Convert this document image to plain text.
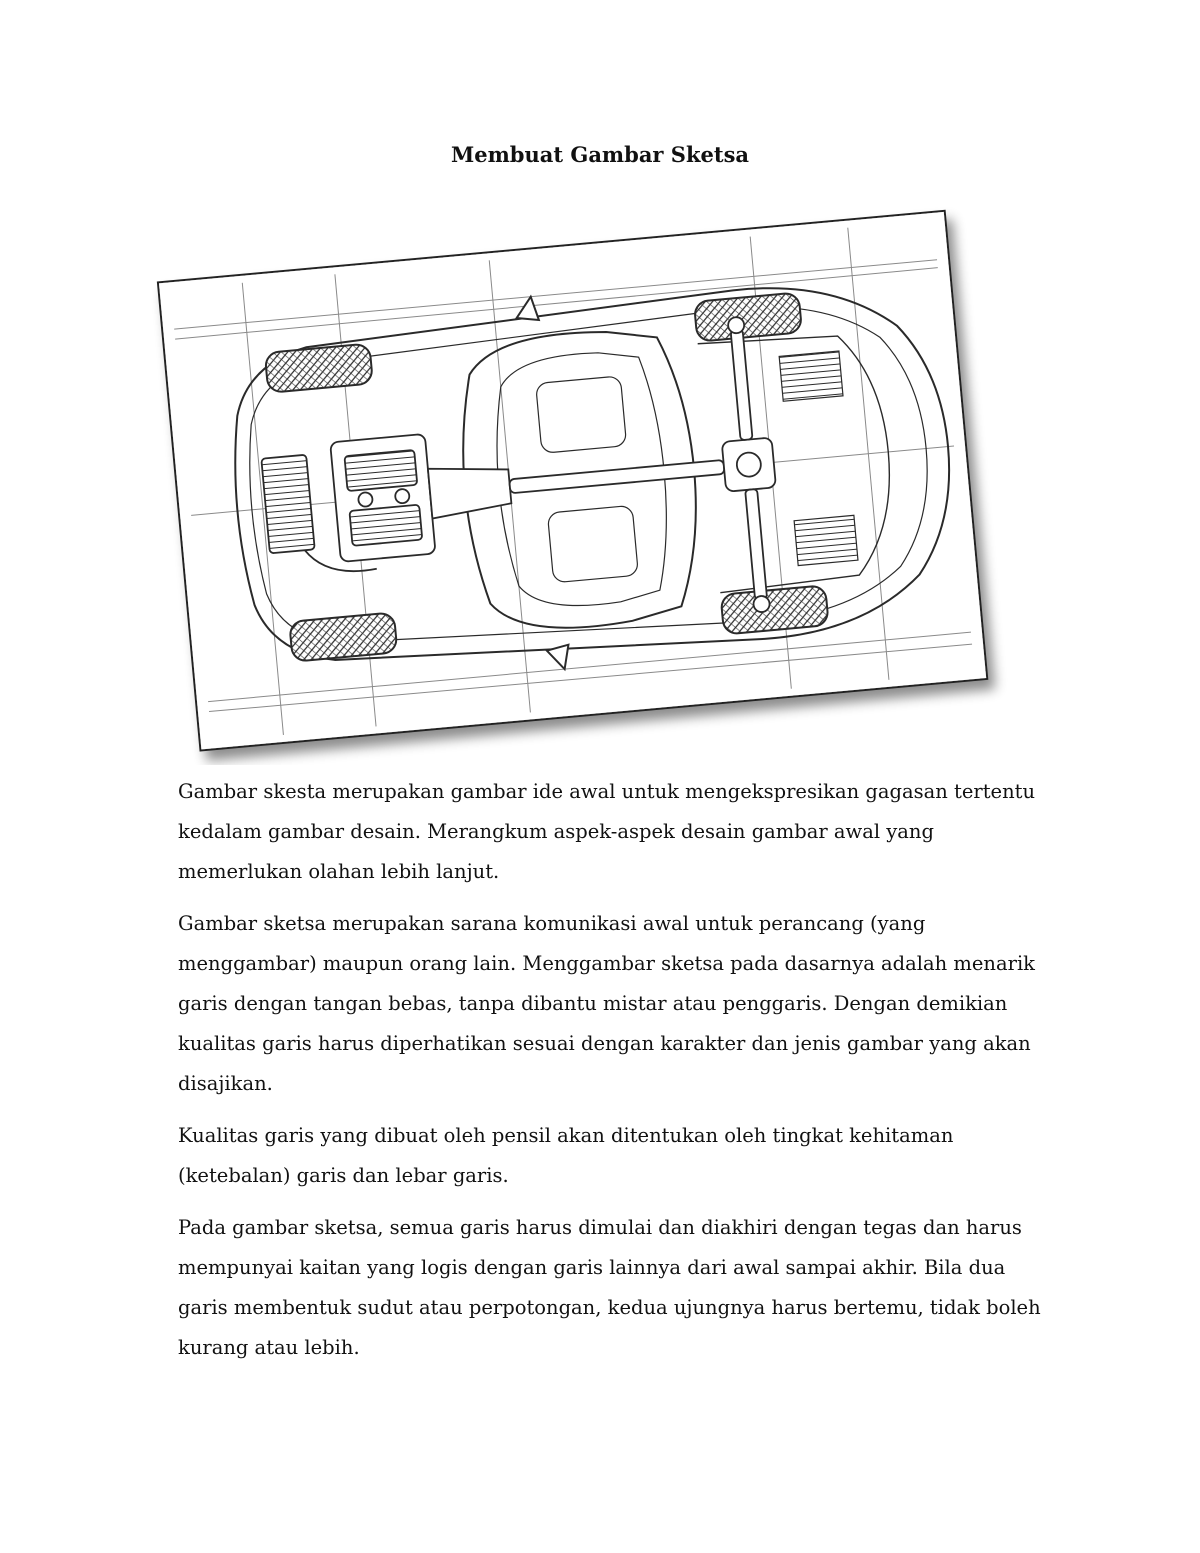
Membuat Gambar Sketsa

Gambar skesta merupakan gambar ide awal untuk mengekspresikan gagasan tertentu kedalam gambar desain. Merangkum aspek-aspek desain gambar awal yang memerlukan olahan lebih lanjut.

Gambar sketsa merupakan sarana komunikasi awal untuk perancang (yang menggambar) maupun orang lain. Menggambar sketsa pada dasarnya adalah menarik garis dengan tangan bebas, tanpa dibantu mistar atau penggaris. Dengan demikian kualitas garis harus diperhatikan sesuai dengan karakter dan jenis gambar yang akan disajikan.

Kualitas garis yang dibuat oleh pensil akan ditentukan oleh tingkat kehitaman (ketebalan) garis dan lebar garis.

Pada gambar sketsa, semua garis harus dimulai dan diakhiri dengan tegas dan harus mempunyai kaitan yang logis dengan garis lainnya dari awal sampai akhir. Bila dua garis membentuk sudut atau perpotongan, kedua ujungnya harus bertemu, tidak boleh kurang atau lebih.
